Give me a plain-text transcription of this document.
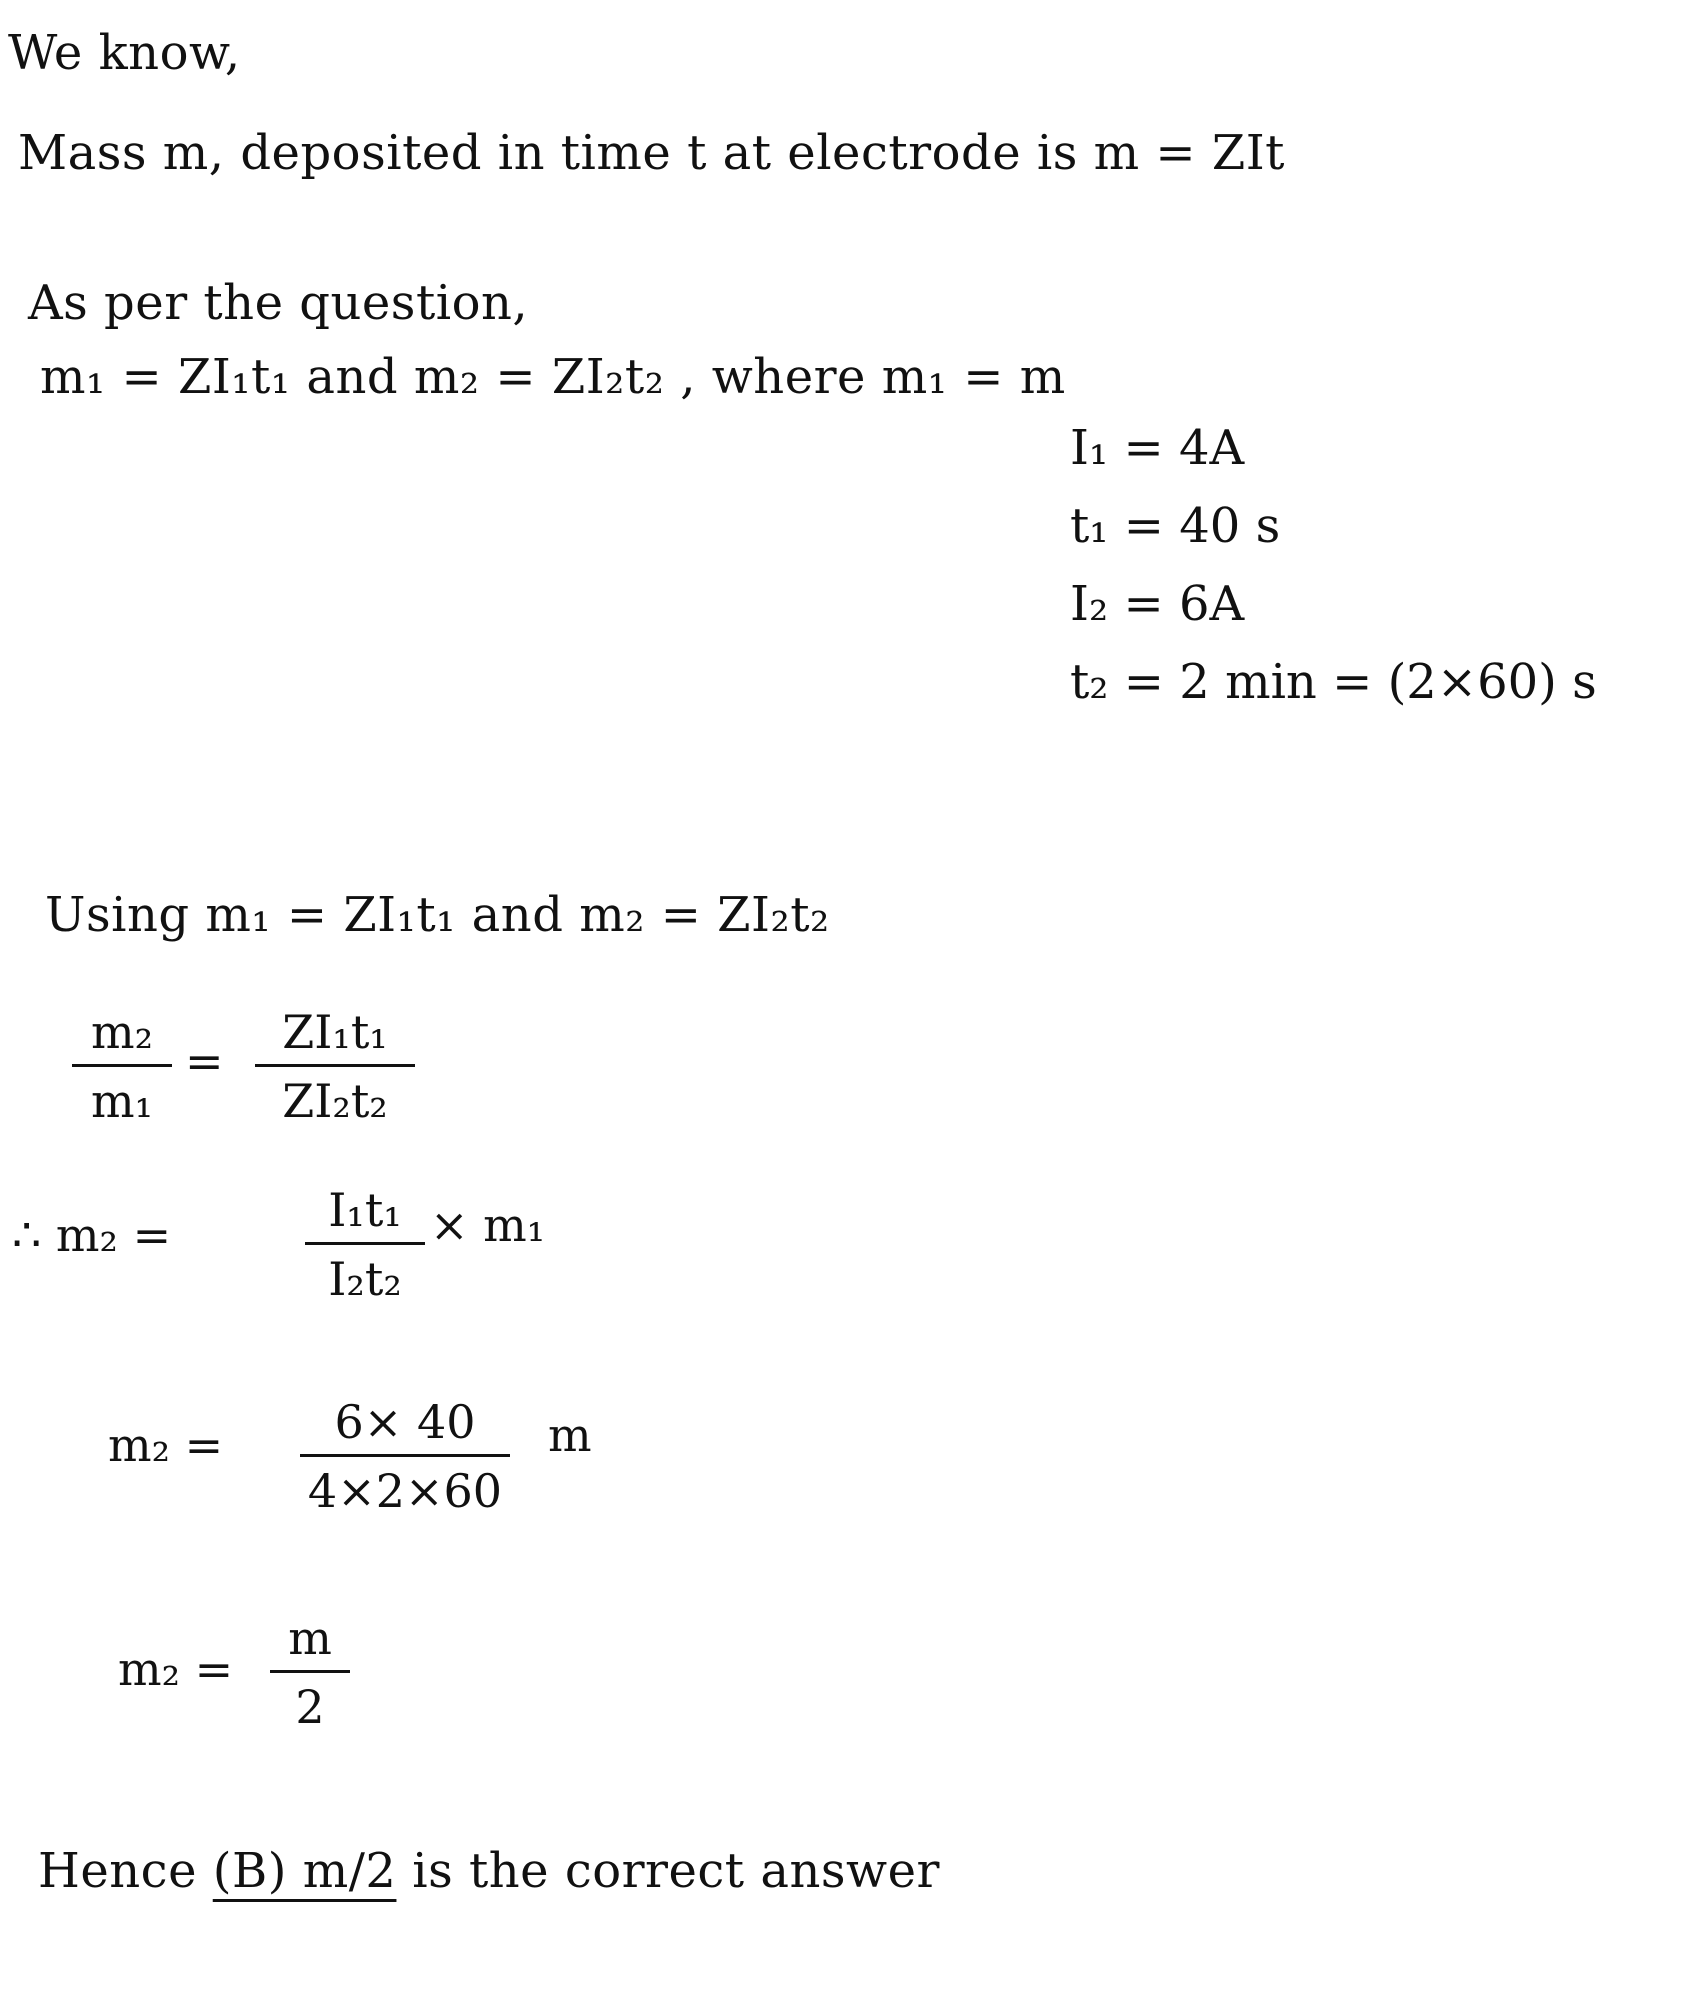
We know,
Mass m, deposited in time t at electrode is m = ZIt
As per the question,
m₁ = ZI₁t₁ and m₂ = ZI₂t₂ , where m₁ = m
I₁ = 4A
t₁ = 40 s
I₂ = 6A
t₂ = 2 min = (2×60) s
Using m₁ = ZI₁t₁ and m₂ = ZI₂t₂
m₂
m₁
=
ZI₁t₁
ZI₂t₂
∴ m₂ =	I₁t₁
I₂t₂
× m₁
m₂ =	6× 40
4×2×60
m
m₂ =
m
2
Hence (B) m/2 is the correct answer
